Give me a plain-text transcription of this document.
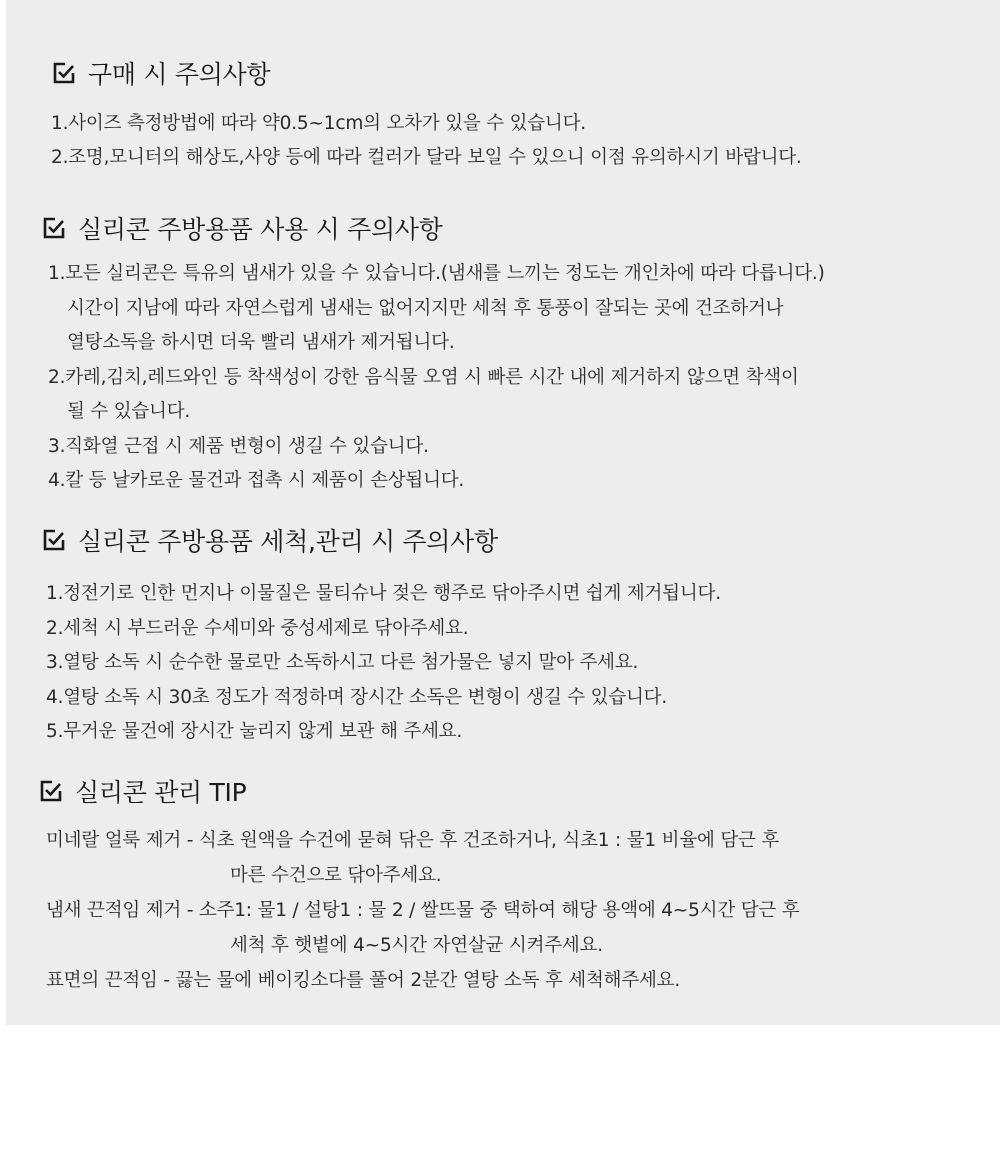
구매 시 주의사항
1.사이즈 측정방법에 따라 약0.5~1cm의 오차가 있을 수 있습니다.
2.조명,모니터의 해상도,사양 등에 따라 컬러가 달라 보일 수 있으니 이점 유의하시기 바랍니다.
실리콘 주방용품 사용 시 주의사항
1.모든 실리콘은 특유의 냄새가 있을 수 있습니다.(냄새를 느끼는 정도는 개인차에 따라 다릅니다.)
시간이 지남에 따라 자연스럽게 냄새는 없어지지만 세척 후 통풍이 잘되는 곳에 건조하거나
열탕소독을 하시면 더욱 빨리 냄새가 제거됩니다.
2.카레,김치,레드와인 등 착색성이 강한 음식물 오염 시 빠른 시간 내에 제거하지 않으면 착색이
될 수 있습니다.
3.직화열 근접 시 제품 변형이 생길 수 있습니다.
4.칼 등 날카로운 물건과 접촉 시 제품이 손상됩니다.
실리콘 주방용품 세척,관리 시 주의사항
1.정전기로 인한 먼지나 이물질은 물티슈나 젖은 행주로 닦아주시면 쉽게 제거됩니다.
2.세척 시 부드러운 수세미와 중성세제로 닦아주세요.
3.열탕 소독 시 순수한 물로만 소독하시고 다른 첨가물은 넣지 말아 주세요.
4.열탕 소독 시 30초 정도가 적정하며 장시간 소독은 변형이 생길 수 있습니다.
5.무거운 물건에 장시간 눌리지 않게 보관 해 주세요.
실리콘 관리 TIP
미네랄 얼룩 제거 - 식초 원액을 수건에 묻혀 닦은 후 건조하거나, 식초1 : 물1 비율에 담근 후
마른 수건으로 닦아주세요.
냄새 끈적임 제거 - 소주1: 물1 / 설탕1 : 물 2 / 쌀뜨물 중 택하여 해당 용액에 4~5시간 담근 후
세척 후 햇볕에 4~5시간 자연살균 시켜주세요.
표면의 끈적임 - 끓는 물에 베이킹소다를 풀어 2분간 열탕 소독 후 세척해주세요.
